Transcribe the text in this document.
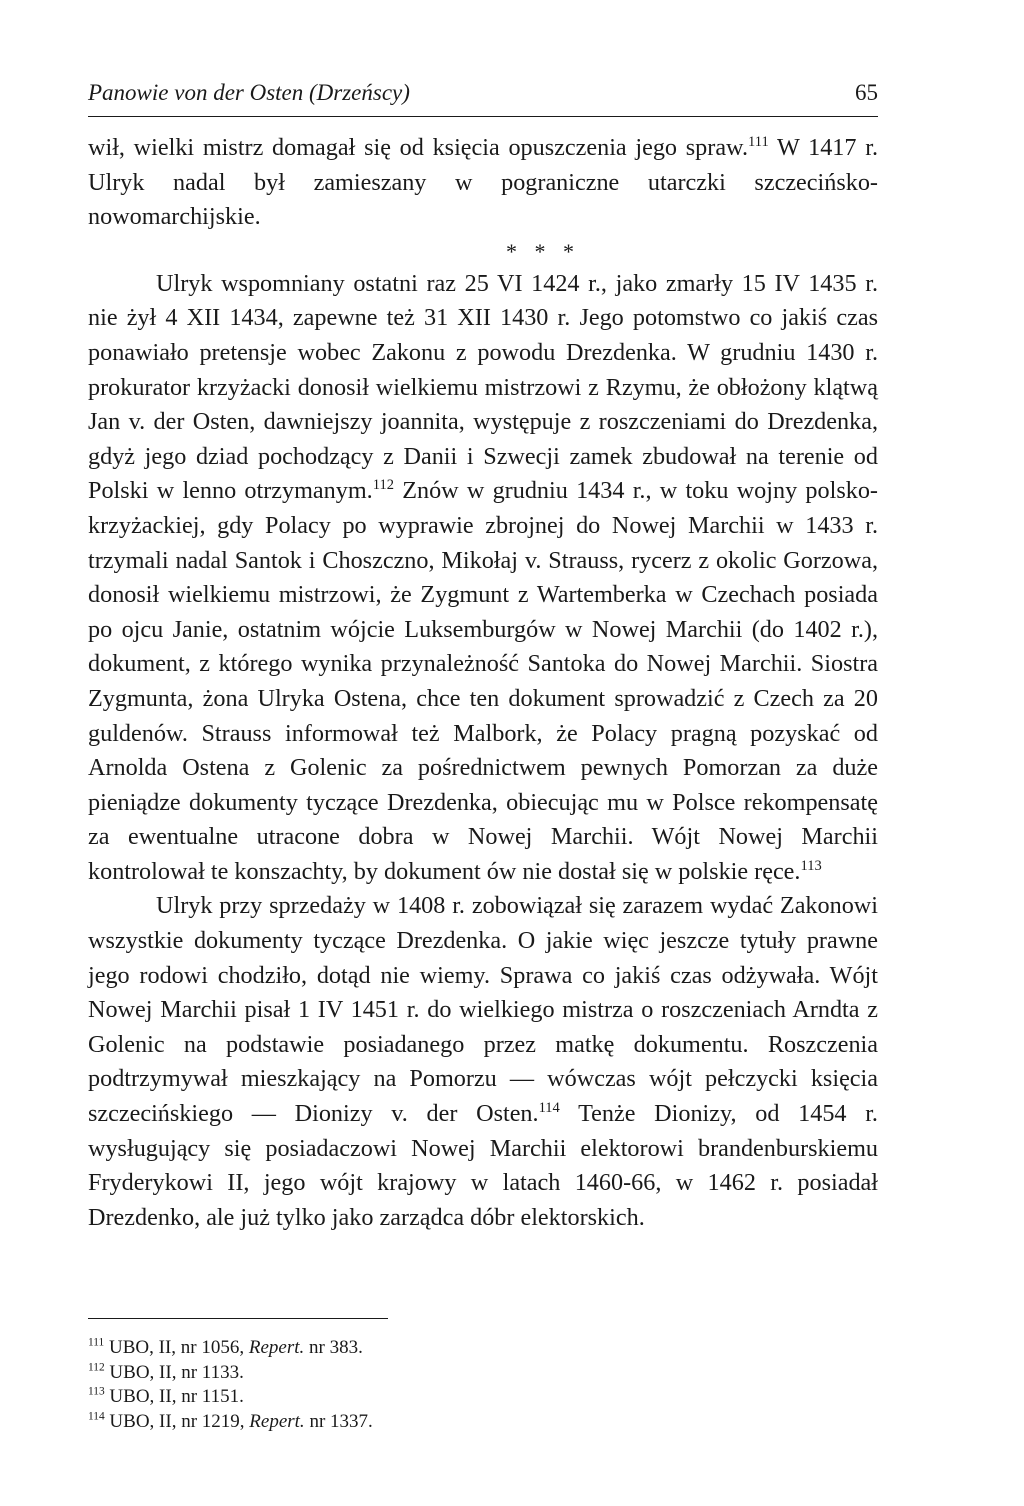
Panowie von der Osten (Drzeńscy)	65

wił, wielki mistrz domagał się od księcia opuszczenia jego spraw.$^{111}$ W 1417 r. Ulryk nadal był zamieszany w pograniczne utarczki szczecińsko-nowomarchijskie.

* * *

Ulryk wspomniany ostatni raz 25 VI 1424 r., jako zmarły 15 IV 1435 r. nie żył 4 XII 1434, zapewne też 31 XII 1430 r. Jego potomstwo co jakiś czas ponawiało pretensje wobec Zakonu z powodu Drezdenka. W grudniu 1430 r. prokurator krzyżacki donosił wielkiemu mistrzowi z Rzymu, że obłożony klątwą Jan v. der Osten, dawniejszy joannita, występuje z roszczeniami do Drezdenka, gdyż jego dziad pochodzący z Danii i Szwecji zamek zbudował na terenie od Polski w lenno otrzymanym.$^{112}$ Znów w grudniu 1434 r., w toku wojny polsko-krzyżackiej, gdy Polacy po wyprawie zbrojnej do Nowej Marchii w 1433 r. trzymali nadal Santok i Choszczno, Mikołaj v. Strauss, rycerz z okolic Gorzowa, donosił wielkiemu mistrzowi, że Zygmunt z Wartemberka w Czechach posiada po ojcu Janie, ostatnim wójcie Luksemburgów w Nowej Marchii (do 1402 r.), dokument, z którego wynika przynależność Santoka do Nowej Marchii. Siostra Zygmunta, żona Ulryka Ostena, chce ten dokument sprowadzić z Czech za 20 guldenów. Strauss informował też Malbork, że Polacy pragną pozyskać od Arnolda Ostena z Golenic za pośrednictwem pewnych Pomorzan za duże pieniądze dokumenty tyczące Drezdenka, obiecując mu w Polsce rekompensatę za ewentualne utracone dobra w Nowej Marchii. Wójt Nowej Marchii kontrolował te konszachty, by dokument ów nie dostał się w polskie ręce.$^{113}$

Ulryk przy sprzedaży w 1408 r. zobowiązał się zarazem wydać Zakonowi wszystkie dokumenty tyczące Drezdenka. O jakie więc jeszcze tytuły prawne jego rodowi chodziło, dotąd nie wiemy. Sprawa co jakiś czas odżywała. Wójt Nowej Marchii pisał 1 IV 1451 r. do wielkiego mistrza o roszczeniach Arndta z Golenic na podstawie posiadanego przez matkę dokumentu. Roszczenia podtrzymywał mieszkający na Pomorzu — wówczas wójt pełczycki księcia szczecińskiego — Dionizy v. der Osten.$^{114}$ Tenże Dionizy, od 1454 r. wysługujący się posiadaczowi Nowej Marchii elektorowi brandenburskiemu Fryderykowi II, jego wójt krajowy w latach 1460-66, w 1462 r. posiadał Drezdenko, ale już tylko jako zarządca dóbr elektorskich.

$^{111}$ UBO, II, nr 1056, Repert. nr 383.

$^{112}$ UBO, II, nr 1133.

$^{113}$ UBO, II, nr 1151.

$^{114}$ UBO, II, nr 1219, Repert. nr 1337.
